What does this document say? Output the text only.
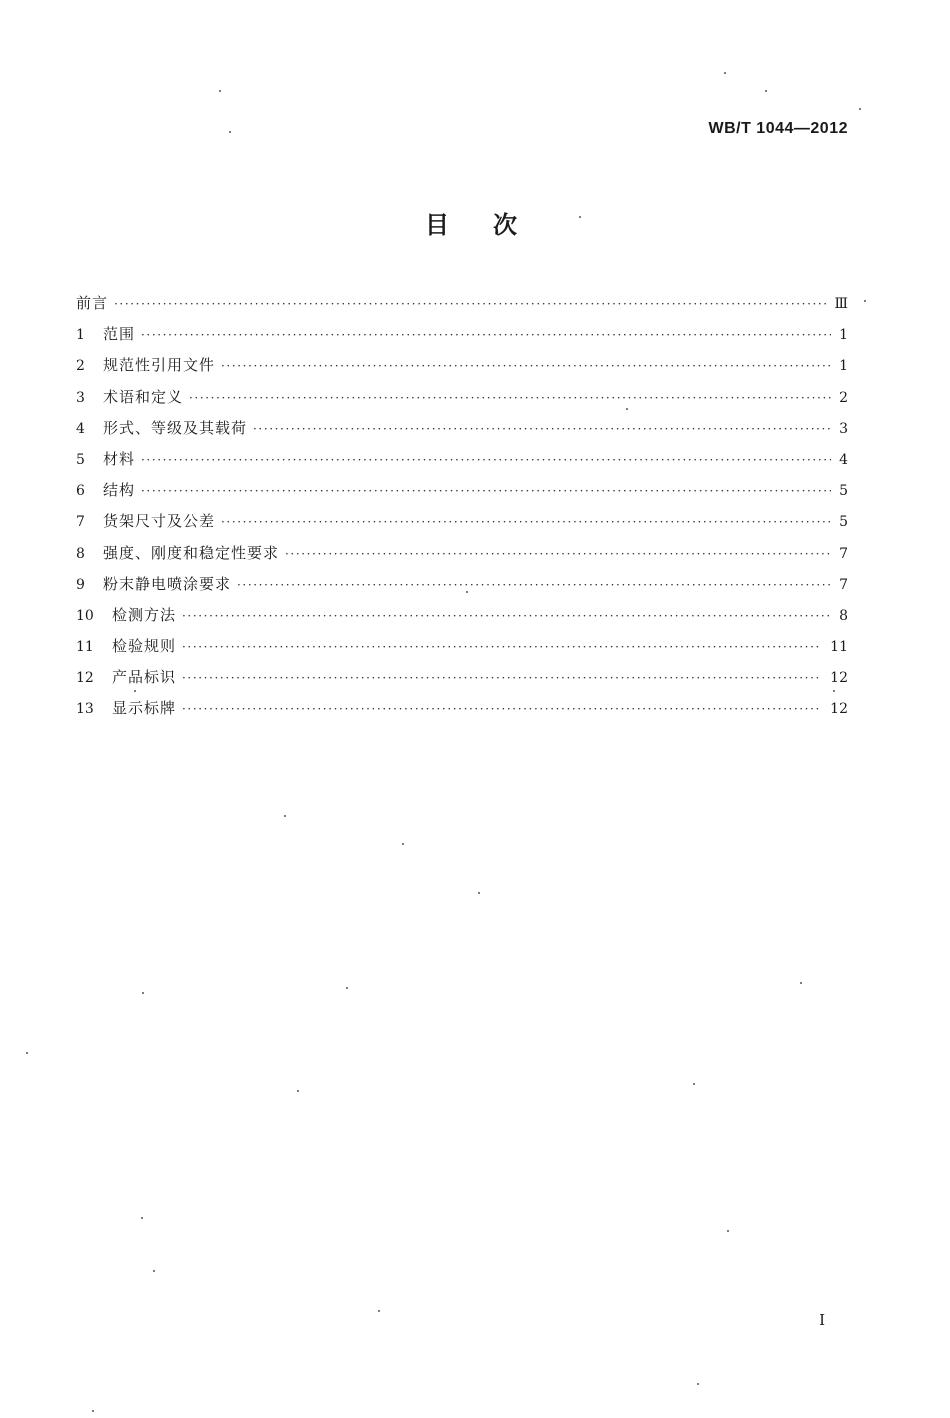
WB/T 1044—2012
目次
前言 ·····	Ⅲ
1	范围 ·····	1
2	规范性引用文件 ·····	1
3	术语和定义 ·····	2
4	形式、等级及其载荷 ·····	3
5	材料 ·····	4
6	结构 ·····	5
7	货架尺寸及公差 ·····	5
8	强度、刚度和稳定性要求 ·····	7
9	粉末静电喷涂要求 ·····	7
10	检测方法 ·····	8
11	检验规则 ·····	11
12	产品标识 ·····	12
13	显示标牌 ·····	12
I
